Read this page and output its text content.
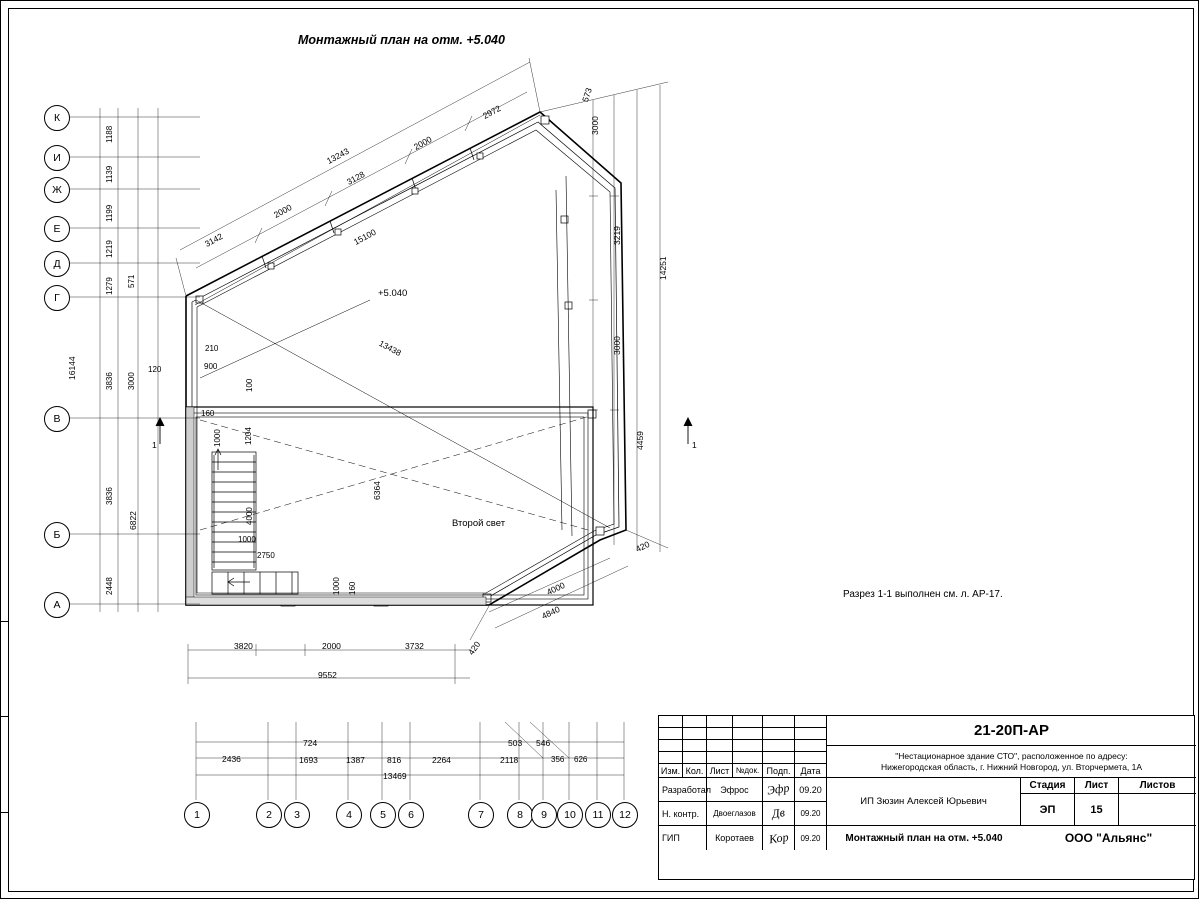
Монтажный план на отм. +5.040
+5.040
Второй свет
Разрез 1-1 выполнен см. л. АР-17.
1	1
К
И
Ж
Е
Д
Г
В
Б
А
1	2	3	4	5	6	7	8	9	10	11	12
2972
2000
13243
3128
2000
3142
573
3000
3219
3000
4459
14251
420
15100
13438
6364
16144
6822
1188
1139
1199
1219
1279 571
3836 3000
3836
2448
210
900
120
100
160
1204
1000
4000
1000
2750
1000 160
3820	2000	3732	420
9552
4000
4840
2436
724
1693	1387	816	2264	2118
503
356 626
546
13469
Изм. Кол. Лист №док. Подп.	Дата
Разработал	Эфрос	Эфр 09.20
Н. контр.	Двоеглазов	Дв	09.20
ГИП	Коротаев	Кор	09.20
21-20П-АР
"Нестационарное здание СТО", расположенное по адресу:
Нижегородская область, г. Нижний Новгород, ул. Вторчермета, 1А
ИП Зюзин Алексей Юрьевич
Монтажный план на отм. +5.040
Стадия	Лист	Листов
ЭП	15
ООО "Альянс"
